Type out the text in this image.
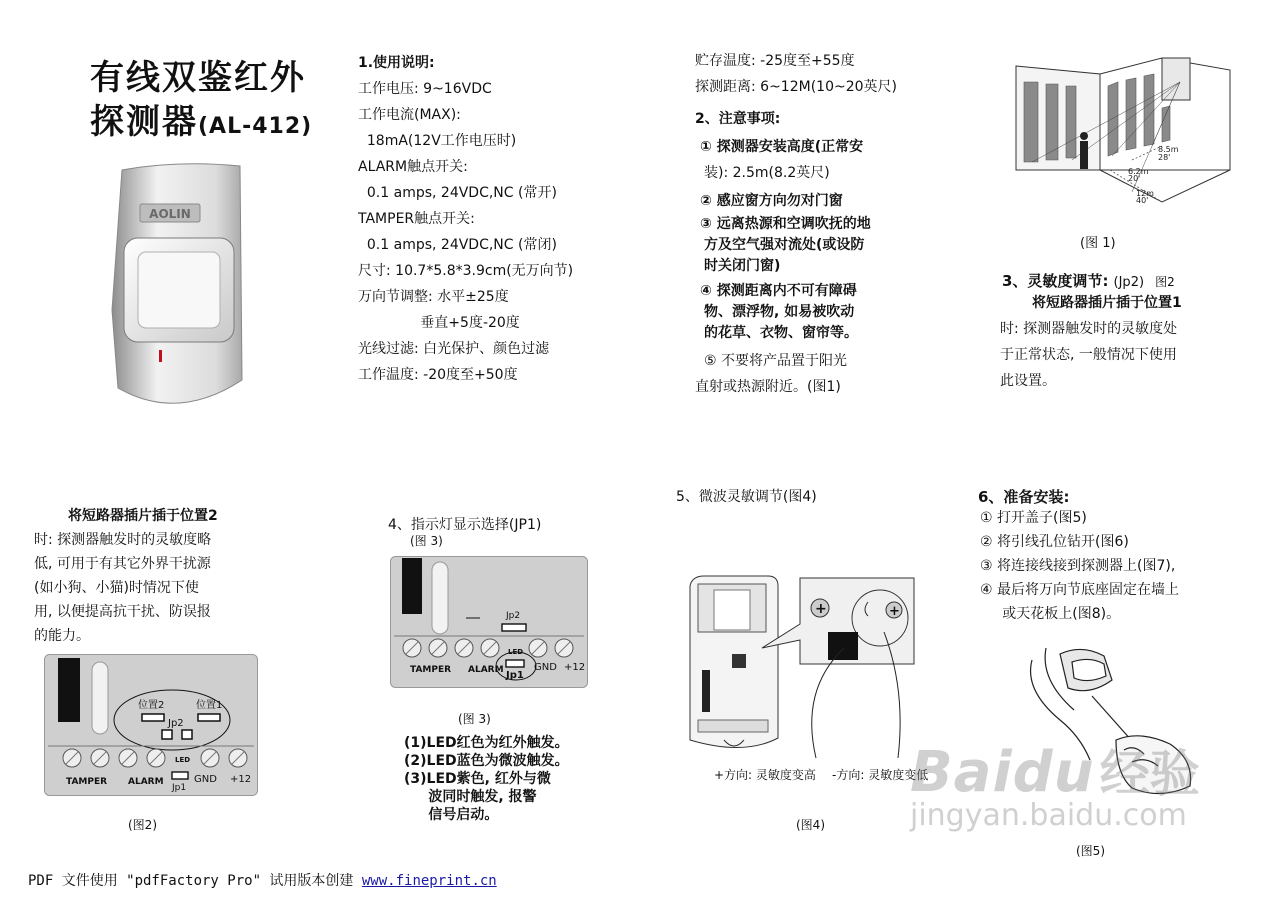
有线双鉴红外
探测器(AL-412)
AOLIN
1.使用说明:
工作电压: 9~16VDC
工作电流(MAX):
18mA(12V工作电压时)
ALARM触点开关:
0.1 amps, 24VDC,NC (常开)
TAMPER触点开关:
0.1 amps, 24VDC,NC (常闭)
尺寸: 10.7*5.8*3.9cm(无万向节)
万向节调整: 水平±25度
垂直+5度-20度
光线过滤: 白光保护、颜色过滤
工作温度: -20度至+50度
贮存温度: -25度至+55度
探测距离: 6~12M(10~20英尺)
2、注意事项:
① 探测器安装高度(正常安
装): 2.5m(8.2英尺)
② 感应窗方向勿对门窗
③ 远离热源和空调吹抚的地
方及空气强对流处(或设防
时关闭门窗)
④ 探测距离内不可有障碍
物、漂浮物, 如易被吹动
的花草、衣物、窗帘等。
⑤ 不要将产品置于阳光
直射或热源附近。(图1)
8.5m
28'
6.2m
20'
12m
40'
(图 1)
3、灵敏度调节: (Jp2) 图2
将短路器插片插于位置1
时: 探测器触发时的灵敏度处
于正常状态, 一般情况下使用
此设置。
将短路器插片插于位置2
时: 探测器触发时的灵敏度略
低, 可用于有其它外界干扰源
(如小狗、小猫)时情况下使
用, 以便提高抗干扰、防误报
的能力。
位置2	位置1
Jp2
TAMPER ALARM
LED
GND +12
Jp1
(图2)
4、指示灯显示选择(JP1)
(图 3)
Jp2
TAMPER ALARM
LED
GND +12
Jp1
(图 3)
(1)LED红色为红外触发。
(2)LED蓝色为微波触发。
(3)LED紫色, 红外与微
波同时触发, 报警
信号启动。
5、微波灵敏调节(图4)
+	+
+方向: 灵敏度变高 -方向: 灵敏度变低
(图4)
6、准备安装:
① 打开盖子(图5)
② 将引线孔位钻开(图6)
③ 将连接线接到探测器上(图7),
④ 最后将万向节底座固定在墙上
或天花板上(图8)。
(图5)
Baidu 经验
jingyan.baidu.com
PDF 文件使用 "pdfFactory Pro" 试用版本创建 www.fineprint.cn
